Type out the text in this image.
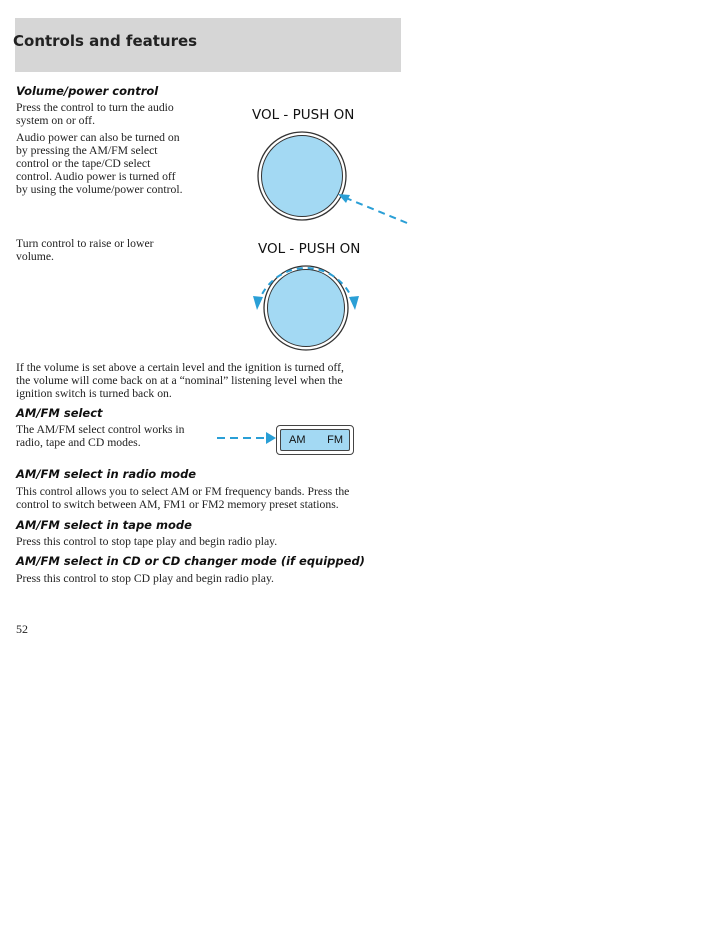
Controls and features
Volume/power control
Press the control to turn the audio
system on or off.
Audio power can also be turned on
by pressing the AM/FM select
control or the tape/CD select
control. Audio power is turned off
by using the volume/power control.
Turn control to raise or lower
volume.
VOL - PUSH ON
VOL - PUSH ON
If the volume is set above a certain level and the ignition is turned off,
the volume will come back on at a “nominal” listening level when the
ignition switch is turned back on.
AM/FM select
The AM/FM select control works in
radio, tape and CD modes.	AM FM
AM/FM select in radio mode
This control allows you to select AM or FM frequency bands. Press the
control to switch between AM, FM1 or FM2 memory preset stations.
AM/FM select in tape mode
Press this control to stop tape play and begin radio play.
AM/FM select in CD or CD changer mode (if equipped)
Press this control to stop CD play and begin radio play.
52
